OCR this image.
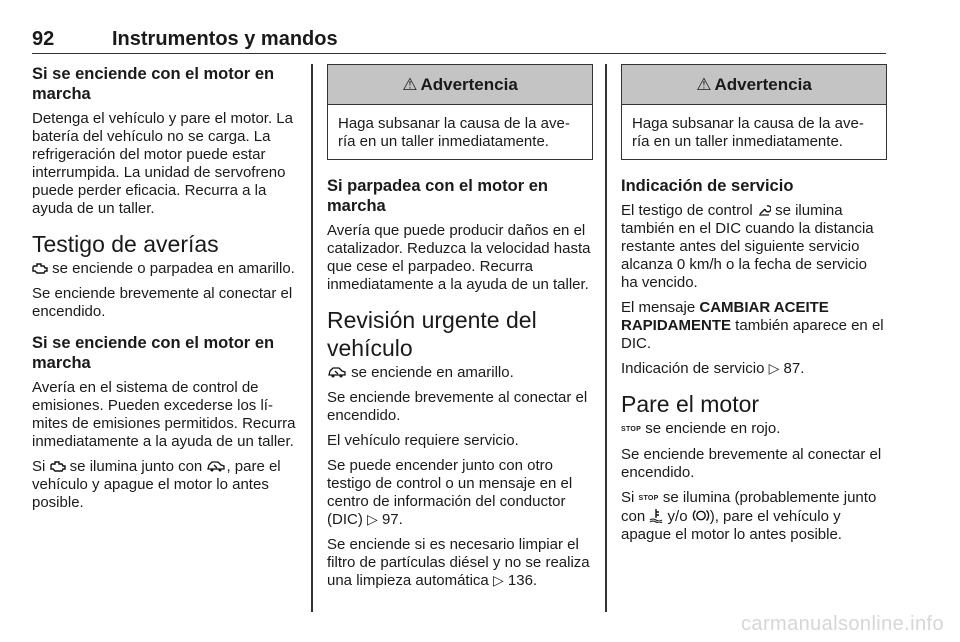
92	Instrumentos y mandos
Si se enciende con el motor en marcha

Detenga el vehículo y pare el motor. La batería del vehículo no se carga. La refrigeración del motor puede estar interrumpida. La unidad de servofreno puede perder eficacia. Recurra a la ayuda de un taller.

Testigo de averías

se enciende o parpadea en amarillo.

Se enciende brevemente al conectar el encendido.

Si se enciende con el motor en marcha

Avería en el sistema de control de emisiones. Pueden excederse los límites de emisiones permitidos. Recurra inmediatamente a la ayuda de un taller.

Si  se ilumina junto con , pare el vehículo y apague el motor lo antes posible.

⚠ Advertencia
Haga subsanar la causa de la avería en un taller inmediatamente.
Si parpadea con el motor en marcha

Avería que puede producir daños en el catalizador. Reduzca la velocidad hasta que cese el parpadeo. Recurra inmediatamente a la ayuda de un taller.

Revisión urgente del vehículo

se enciende en amarillo.

Se enciende brevemente al conectar el encendido.

El vehículo requiere servicio.

Se puede encender junto con otro testigo de control o un mensaje en el centro de información del conductor (DIC) ▷ 97.

Se enciende si es necesario limpiar el filtro de partículas diésel y no se realiza una limpieza automática ▷ 136.

⚠ Advertencia
Haga subsanar la causa de la avería en un taller inmediatamente.
Indicación de servicio

El testigo de control  se ilumina también en el DIC cuando la distancia restante antes del siguiente servicio alcanza 0 km/h o la fecha de servicio ha vencido.

El mensaje CAMBIAR ACEITE RAPIDAMENTE también aparece en el DIC.

Indicación de servicio ▷ 87.

Pare el motor

STOP se enciende en rojo.

Se enciende brevemente al conectar el encendido.

Si STOP se ilumina (probablemente junto con  y/o ), pare el vehículo y apague el motor lo antes posible.

carmanualsonline.info
